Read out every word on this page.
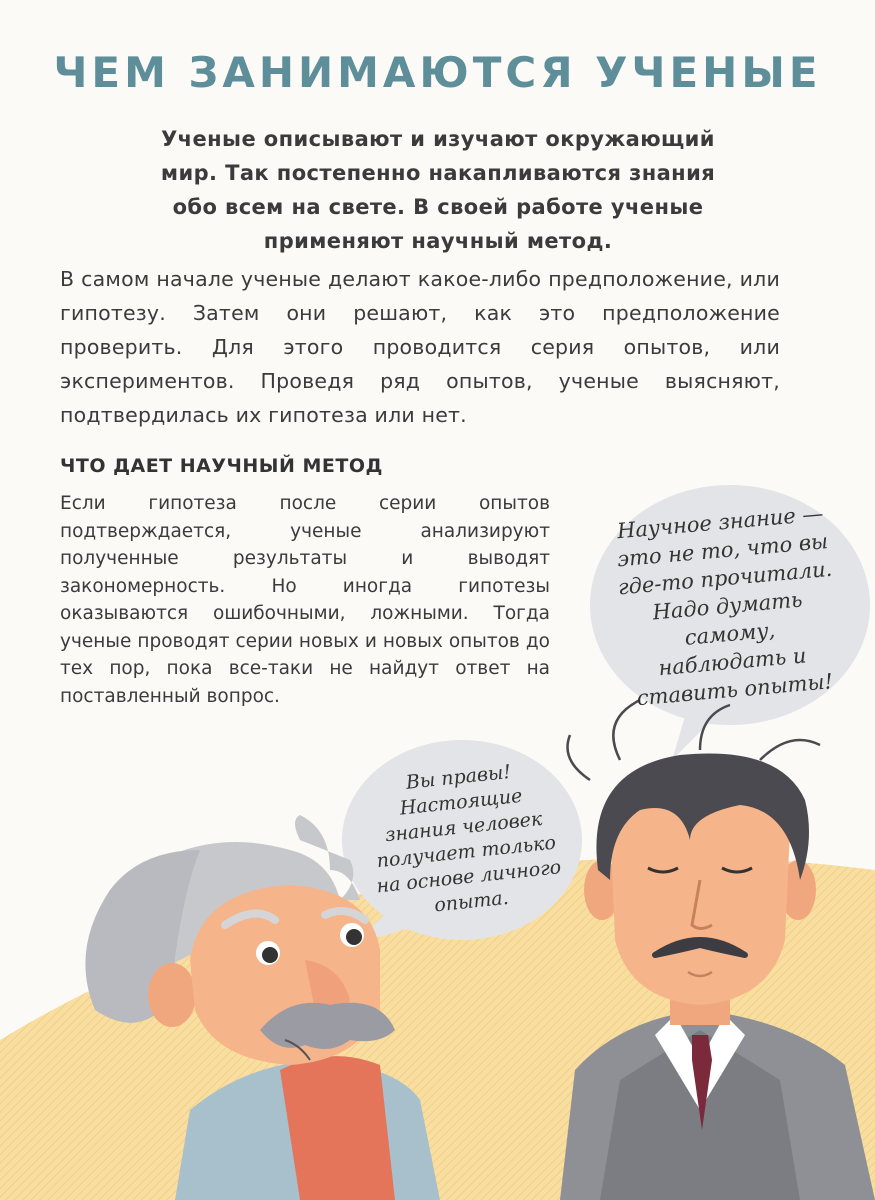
ЧЕМ ЗАНИМАЮТСЯ УЧЕНЫЕ
Ученые описывают и изучают окружающий мир. Так постепенно накапливаются знания обо всем на свете. В своей работе ученые применяют научный метод.
В самом начале ученые делают какое-либо предположение, или гипотезу. Затем они решают, как это предположение проверить. Для этого проводится серия опытов, или экспериментов. Проведя ряд опытов, ученые выясняют, подтвердилась их гипотеза или нет.
ЧТО ДАЕТ НАУЧНЫЙ МЕТОД
Если гипотеза после серии опытов подтверждается, ученые анализируют полученные результаты и выводят закономерность. Но иногда гипотезы оказываются ошибочными, ложными. Тогда ученые проводят серии новых и новых опытов до тех пор, пока все-таки не найдут ответ на поставленный вопрос.
Научное знание — это не то, что вы где-то прочитали. Надо думать самому, наблюдать и ставить опыты!
Вы правы! Настоящие знания человек получает только на основе личного опыта.
